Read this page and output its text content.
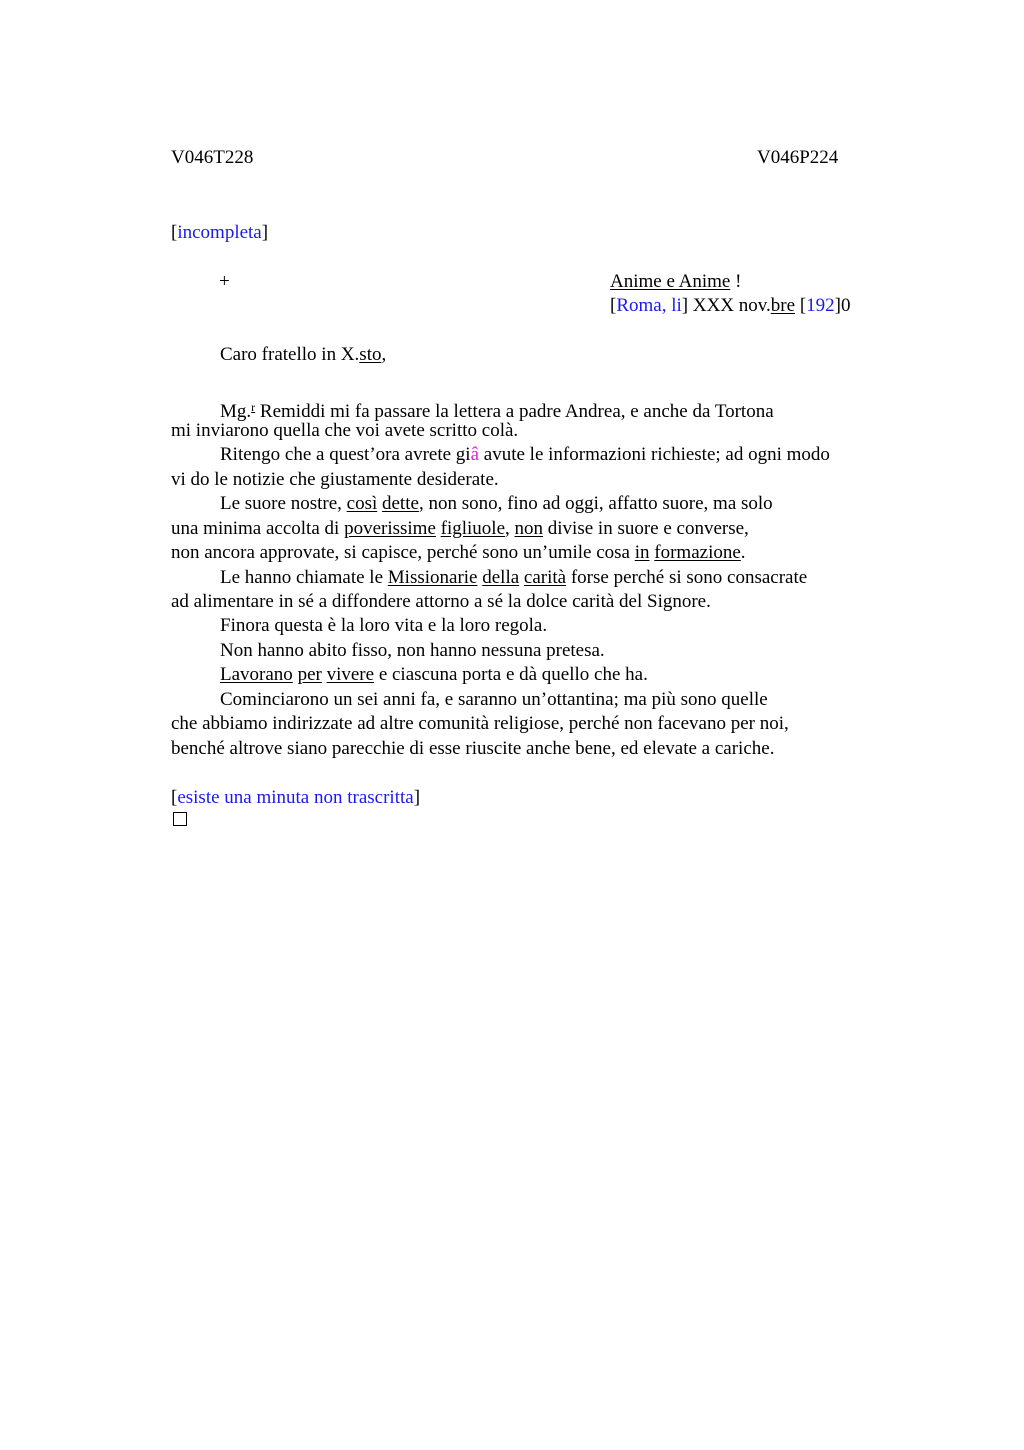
V046T228	V046P224
[incompleta]
+	Anime e Anime !
[Roma, li] XXX nov.bre [192]0
Caro fratello in X.sto,
Mg.$^r$ Remiddi mi fa passare la lettera a padre Andrea, e anche da Tortona
mi inviarono quella che voi avete scritto colà.
Ritengo che a quest’ora avrete giâ avute le informazioni richieste; ad ogni modo
vi do le notizie che giustamente desiderate.
Le suore nostre, così dette, non sono, fino ad oggi, affatto suore, ma solo
una minima accolta di poverissime figliuole, non divise in suore e converse,
non ancora approvate, si capisce, perché sono un’umile cosa in formazione.
Le hanno chiamate le Missionarie della carità forse perché si sono consacrate
ad alimentare in sé a diffondere attorno a sé la dolce carità del Signore.
Finora questa è la loro vita e la loro regola.
Non hanno abito fisso, non hanno nessuna pretesa.
Lavorano per vivere e ciascuna porta e dà quello che ha.
Cominciarono un sei anni fa, e saranno un’ottantina; ma più sono quelle
che abbiamo indirizzate ad altre comunità religiose, perché non facevano per noi,
benché altrove siano parecchie di esse riuscite anche bene, ed elevate a cariche.
[esiste una minuta non trascritta]
